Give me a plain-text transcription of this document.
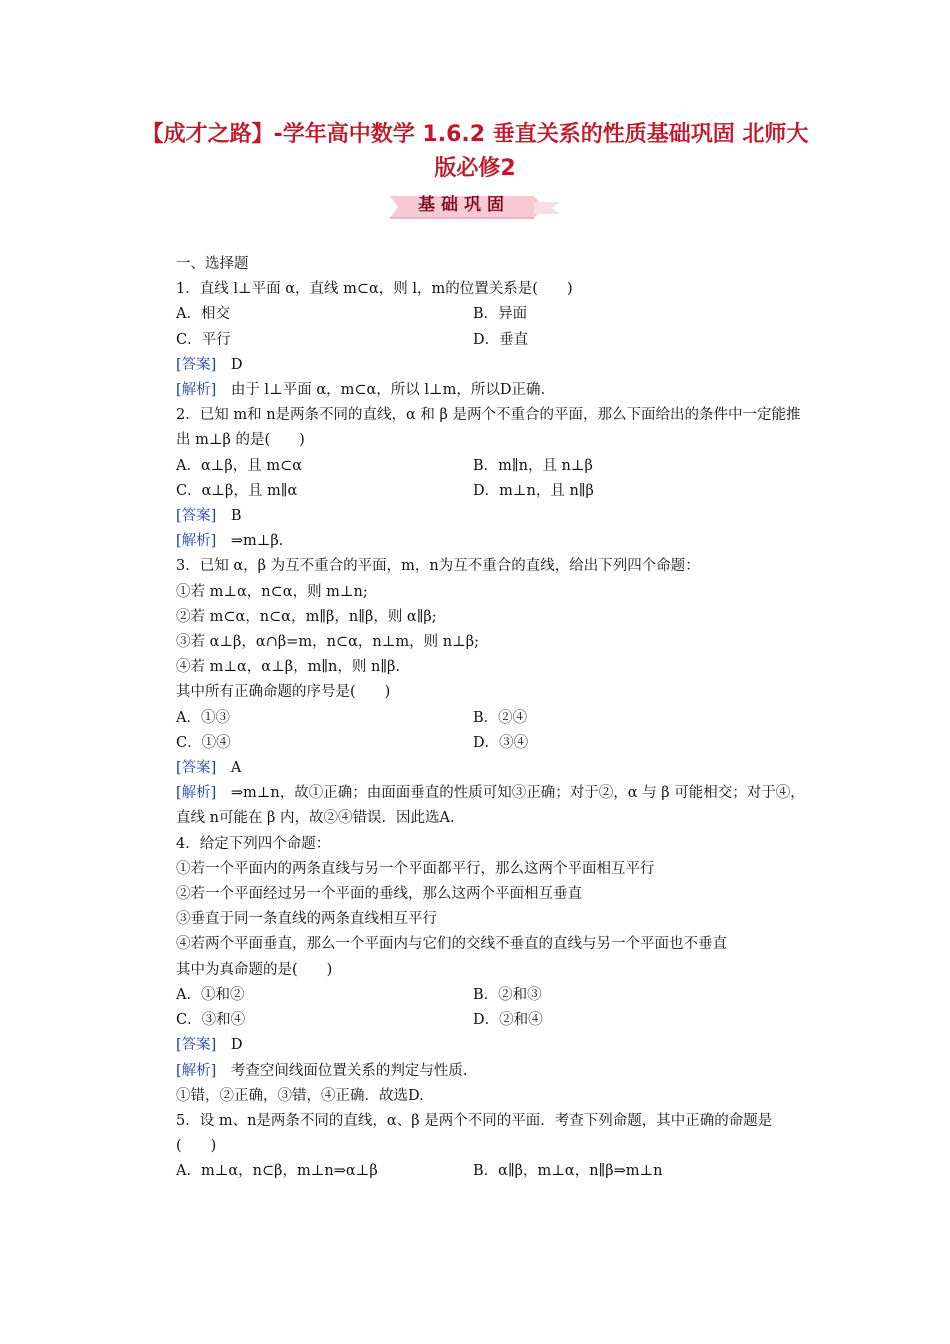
【成才之路】-学年高中数学 1.6.2 垂直关系的性质基础巩固 北师大版必修2
基础巩固
一、选择题
1．直线 l⊥平面 α，直线 m⊂α，则 l，m的位置关系是(　　)
A．相交	B．异面
C．平行	D．垂直
[答案]　 D
[解析]　 由于 l⊥平面 α，m⊂α，所以 l⊥m，所以D正确.
2．已知 m和 n是两条不同的直线，α 和 β 是两个不重合的平面，那么下面给出的条件中一定能推出 m⊥β 的是(　　)
A．α⊥β，且 m⊂α	B．m∥n，且 n⊥β
C．α⊥β，且 m∥α	D．m⊥n，且 n∥β
[答案]　 B
[解析]　 ⇒m⊥β.
3．已知 α，β 为互不重合的平面，m，n为互不重合的直线，给出下列四个命题：
①若 m⊥α，n⊂α，则 m⊥n;
②若 m⊂α，n⊂α，m∥β，n∥β，则 α∥β;
③若 α⊥β，α∩β=m，n⊂α，n⊥m，则 n⊥β;
④若 m⊥α，α⊥β，m∥n，则 n∥β.
其中所有正确命题的序号是(　　)
A．①③	B．②④
C．①④	D．③④
[答案]　 A
[解析]　 ⇒m⊥n，故①正确；由面面垂直的性质可知③正确；对于②，α 与 β 可能相交；对于④，直线 n可能在 β 内，故②④错误．因此选A.
4．给定下列四个命题：
①若一个平面内的两条直线与另一个平面都平行，那么这两个平面相互平行
②若一个平面经过另一个平面的垂线，那么这两个平面相互垂直
③垂直于同一条直线的两条直线相互平行
④若两个平面垂直，那么一个平面内与它们的交线不垂直的直线与另一个平面也不垂直
其中为真命题的是(　　)
A．①和②	B．②和③
C．③和④	D．②和④
[答案]　 D
[解析]　 考查空间线面位置关系的判定与性质.
①错，②正确，③错，④正确．故选D.
5．设 m、n是两条不同的直线，α、β 是两个不同的平面．考查下列命题，其中正确的命题是(　　)
A．m⊥α，n⊂β，m⊥n⇒α⊥β	B．α∥β，m⊥α，n∥β⇒m⊥n
